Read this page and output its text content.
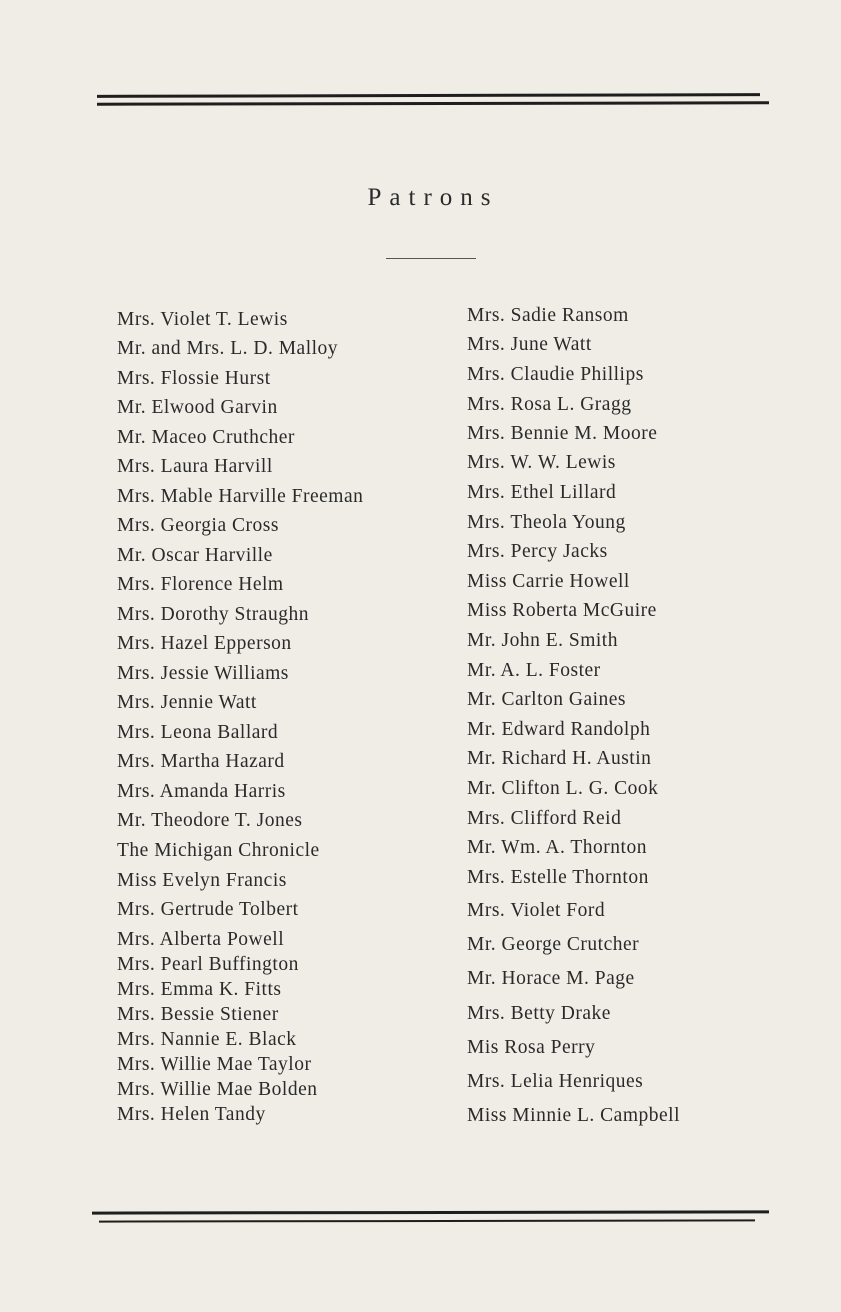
Patrons
Mrs. Violet T. Lewis
Mr. and Mrs. L. D. Malloy
Mrs. Flossie Hurst
Mr. Elwood Garvin
Mr. Maceo Cruthcher
Mrs. Laura Harvill
Mrs. Mable Harville Freeman
Mrs. Georgia Cross
Mr. Oscar Harville
Mrs. Florence Helm
Mrs. Dorothy Straughn
Mrs. Hazel Epperson
Mrs. Jessie Williams
Mrs. Jennie Watt
Mrs. Leona Ballard
Mrs. Martha Hazard
Mrs. Amanda Harris
Mr. Theodore T. Jones
The Michigan Chronicle
Miss Evelyn Francis
Mrs. Gertrude Tolbert
Mrs. Alberta Powell
Mrs. Pearl Buffington
Mrs. Emma K. Fitts
Mrs. Bessie Stiener
Mrs. Nannie E. Black
Mrs. Willie Mae Taylor
Mrs. Willie Mae Bolden
Mrs. Helen Tandy
Mrs. Sadie Ransom
Mrs. June Watt
Mrs. Claudie Phillips
Mrs. Rosa L. Gragg
Mrs. Bennie M. Moore
Mrs. W. W. Lewis
Mrs. Ethel Lillard
Mrs. Theola Young
Mrs. Percy Jacks
Miss Carrie Howell
Miss Roberta McGuire
Mr. John E. Smith
Mr. A. L. Foster
Mr. Carlton Gaines
Mr. Edward Randolph
Mr. Richard H. Austin
Mr. Clifton L. G. Cook
Mrs. Clifford Reid
Mr. Wm. A. Thornton
Mrs. Estelle Thornton
Mrs. Violet Ford
Mr. George Crutcher
Mr. Horace M. Page
Mrs. Betty Drake
Mis Rosa Perry
Mrs. Lelia Henriques
Miss Minnie L. Campbell
